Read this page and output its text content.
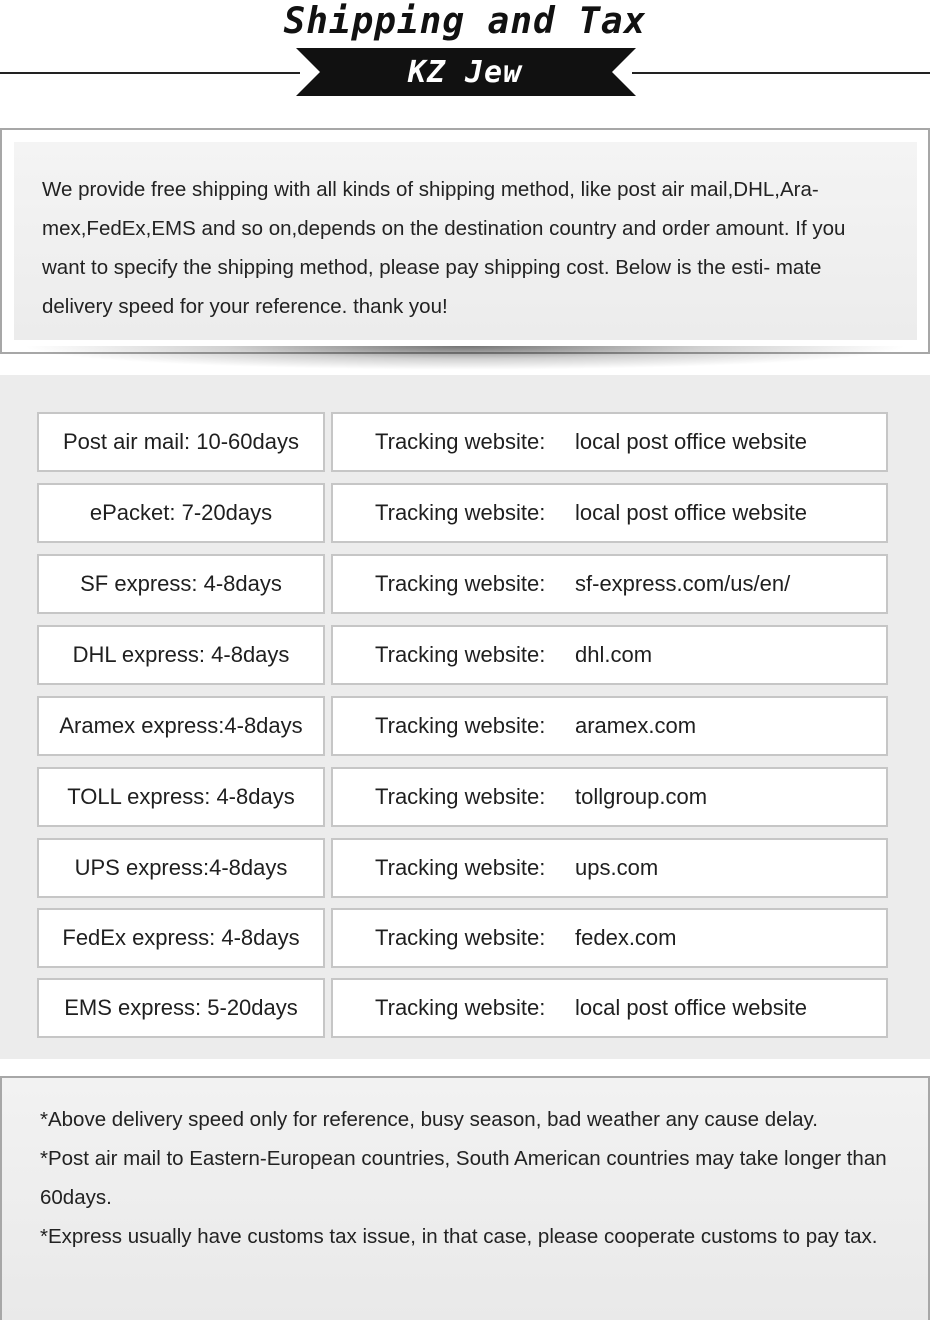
Shipping and Tax
KZ Jew
We provide free shipping with all kinds of shipping method, like post air mail,DHL,Ara- mex,FedEx,EMS and so on,depends on the destination country and order amount. If you want to specify the shipping method, please pay shipping cost. Below is the esti- mate delivery speed for your reference. thank you!
Post air mail: 10-60days	Tracking website: local post office website
ePacket: 7-20days	Tracking website: local post office website
SF express: 4-8days	Tracking website: sf-express.com/us/en/
DHL express: 4-8days	Tracking website: dhl.com
Aramex express:4-8days	Tracking website: aramex.com
TOLL express: 4-8days	Tracking website: tollgroup.com
UPS express:4-8days	Tracking website: ups.com
FedEx express: 4-8days	Tracking website: fedex.com
EMS express: 5-20days	Tracking website: local post office website

*Above delivery speed only for reference, busy season, bad weather any cause delay.

*Post air mail to Eastern-European countries, South American countries may take longer than 60days.

*Express usually have customs tax issue, in that case, please cooperate customs to pay tax.
